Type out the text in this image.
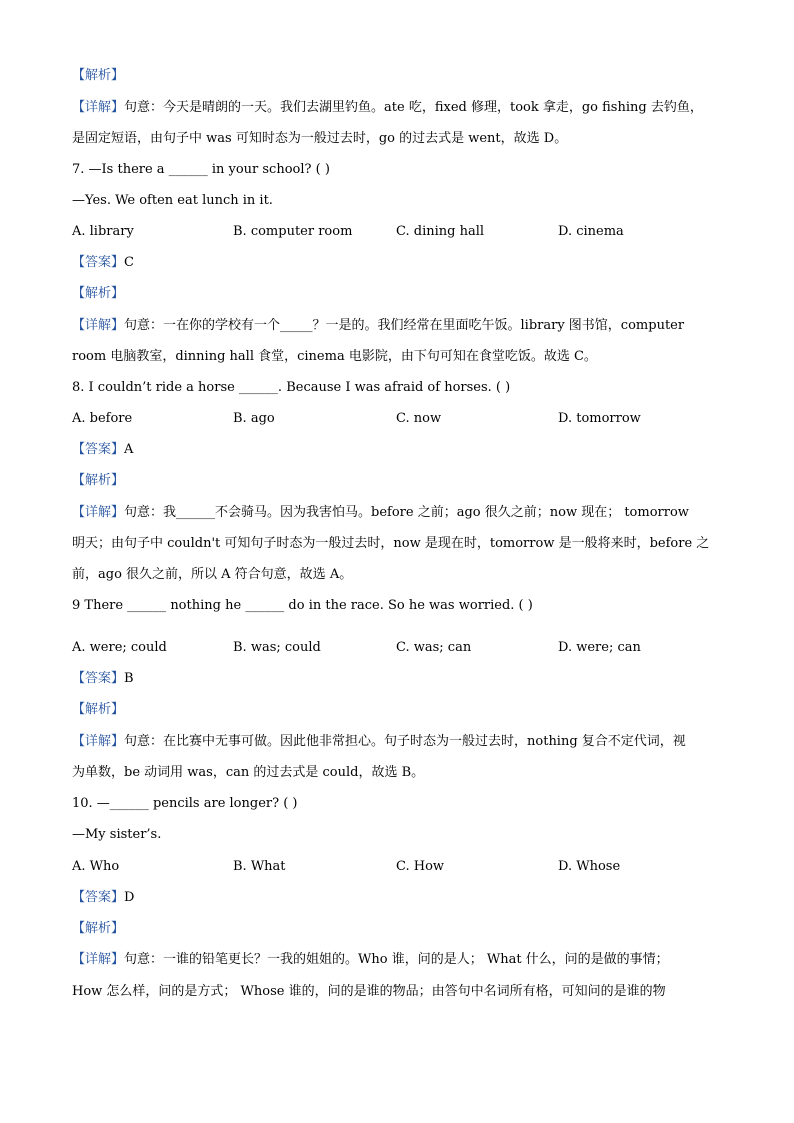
【解析】
【详解】句意：今天是晴朗的一天。我们去湖里钓鱼。ate 吃，fixed 修理，took 拿走，go fishing 去钓鱼，
是固定短语，由句子中 was 可知时态为一般过去时，go 的过去式是 went，故选 D。
7. —Is there a ______ in your school? ( )
—Yes. We often eat lunch in it.
A. library	B. computer room	C. dining hall	D. cinema
【答案】C
【解析】
【详解】句意：一在你的学校有一个_____？一是的。我们经常在里面吃午饭。library 图书馆，computer
room 电脑教室，dinning hall 食堂，cinema 电影院，由下句可知在食堂吃饭。故选 C。
8. I couldn’t ride a horse ______. Because I was afraid of horses. ( )
A. before	B. ago	C. now	D. tomorrow
【答案】A
【解析】
【详解】句意：我______不会骑马。因为我害怕马。before 之前；ago 很久之前；now 现在； tomorrow
明天；由句子中 couldn't 可知句子时态为一般过去时，now 是现在时，tomorrow 是一般将来时，before 之
前，ago 很久之前，所以 A 符合句意，故选 A。
9 There ______ nothing he ______ do in the race. So he was worried. ( )
A. were; could	B. was; could	C. was; can	D. were; can
【答案】B
【解析】
【详解】句意：在比赛中无事可做。因此他非常担心。句子时态为一般过去时，nothing 复合不定代词，视
为单数，be 动词用 was，can 的过去式是 could，故选 B。
10. —______ pencils are longer? ( )
—My sister’s.
A. Who	B. What	C. How	D. Whose
【答案】D
【解析】
【详解】句意：一谁的铅笔更长？一我的姐姐的。Who 谁，问的是人； What 什么，问的是做的事情；
How 怎么样，问的是方式； Whose 谁的，问的是谁的物品；由答句中名词所有格，可知问的是谁的物
